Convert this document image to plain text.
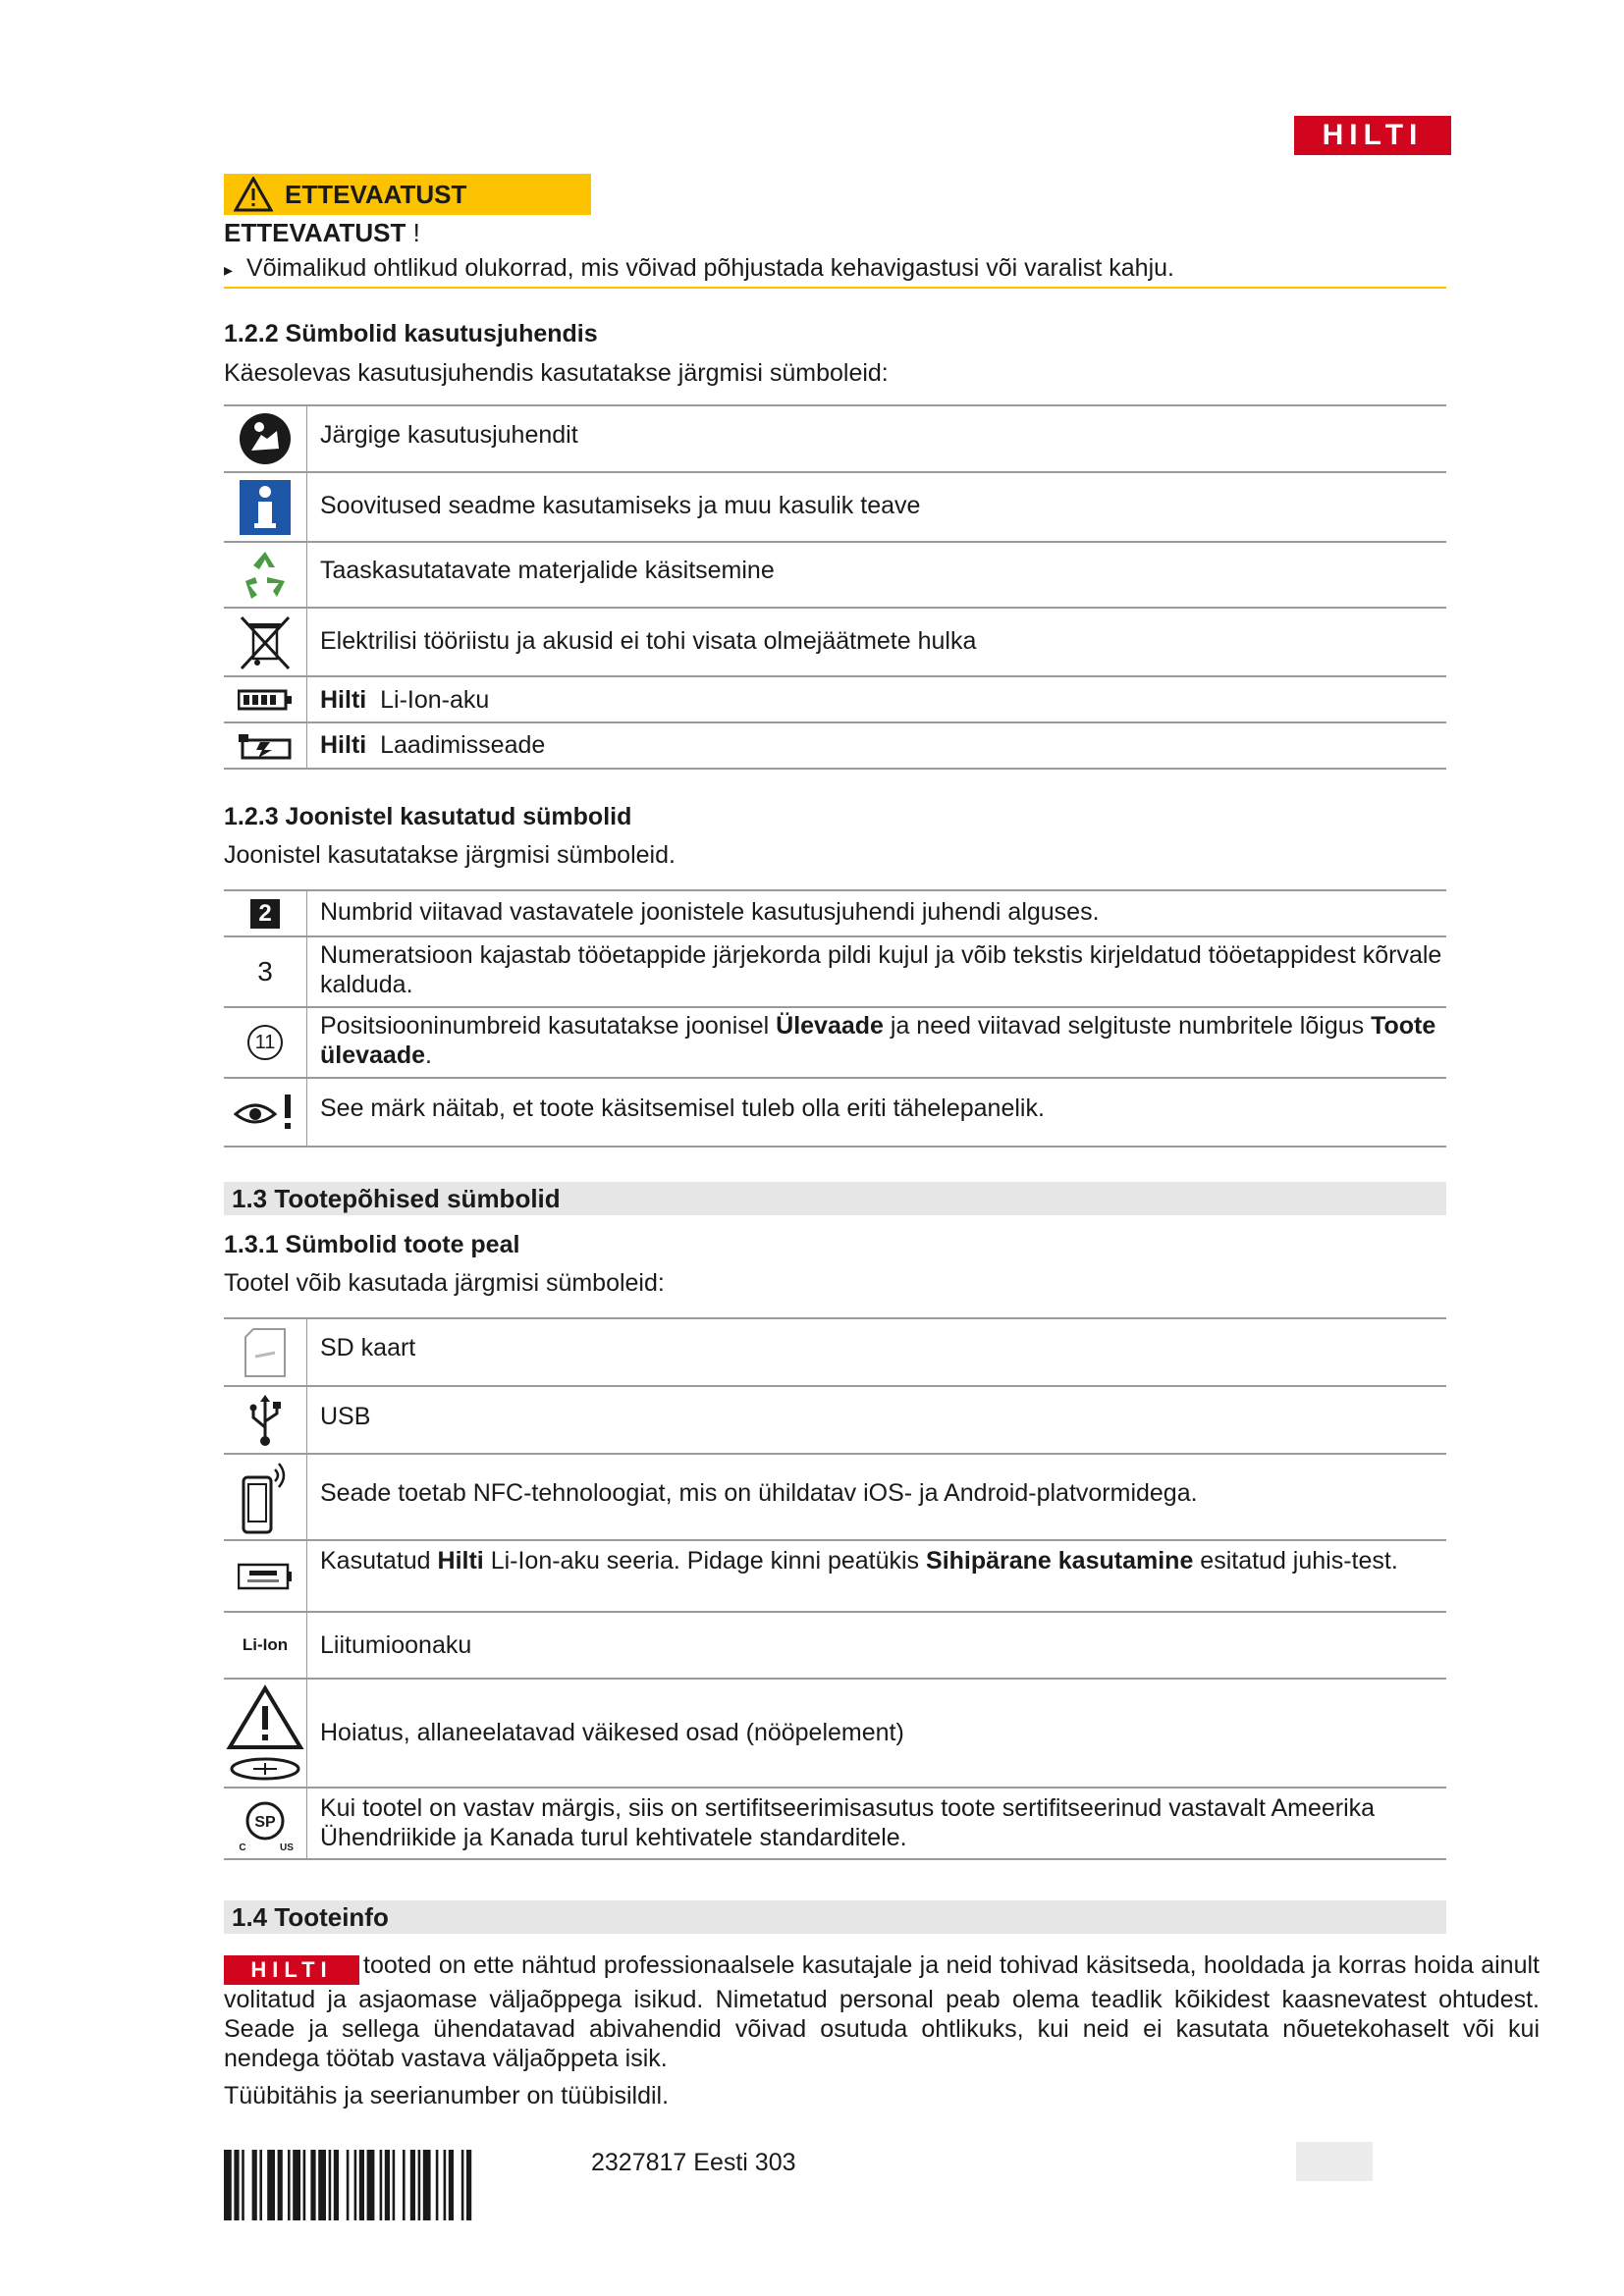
HILTI
ETTEVAATUST
ETTEVAATUST !
▸ Võimalikud ohtlikud olukorrad, mis võivad põhjustada kehavigastusi või varalist kahju.
1.2.2 Sümbolid kasutusjuhendis
Käesolevas kasutusjuhendis kasutatakse järgmisi sümboleid:
Järgige kasutusjuhendit
Soovitused seadme kasutamiseks ja muu kasulik teave
Taaskasutatavate materjalide käsitsemine
Elektrilisi tööriistu ja akusid ei tohi visata olmejäätmete hulka
Hilti Li-Ion-aku
Hilti Laadimisseade
1.2.3 Joonistel kasutatud sümbolid
Joonistel kasutatakse järgmisi sümboleid.
2	Numbrid viitavad vastavatele joonistele kasutusjuhendi juhendi alguses.
3
Numeratsioon kajastab tööetappide järjekorda pildi kujul ja võib tekstis kirjeldatud tööetappidest kõrvale kalduda.
11
Positsiooninumbreid kasutatakse joonisel Ülevaade ja need viitavad selgituste numbritele lõigus Toote ülevaade.
See märk näitab, et toote käsitsemisel tuleb olla eriti tähelepanelik.
1.3 Tootepõhised sümbolid
1.3.1 Sümbolid toote peal
Tootel võib kasutada järgmisi sümboleid:
SD kaart
USB
Seade toetab NFC-tehnoloogiat, mis on ühildatav iOS- ja Android-platvormidega.
Kasutatud Hilti Li-Ion-aku seeria. Pidage kinni peatükis Sihipärane kasutamine esitatud juhis-test.
Li-Ion Liitumioonaku
Hoiatus, allaneelatavad väikesed osad (nööpelement)
SP
C	US
Kui tootel on vastav märgis, siis on sertifitseerimisasutus toote sertifitseerinud vastavalt Ameerika Ühendriikide ja Kanada turul kehtivatele standarditele.
1.4 Tooteinfo
HILTI tooted on ette nähtud professionaalsele kasutajale ja neid tohivad käsitseda, hooldada ja korras hoida ainult volitatud ja asjaomase väljaõppega isikud. Nimetatud personal peab olema teadlik kõikidest kaasnevatest ohtudest. Seade ja sellega ühendatavad abivahendid võivad osutuda ohtlikuks, kui neid ei kasutata nõuetekohaselt või kui nendega töötab vastava väljaõppeta isik.
Tüübitähis ja seerianumber on tüübisildil.
2327817 Eesti 303
